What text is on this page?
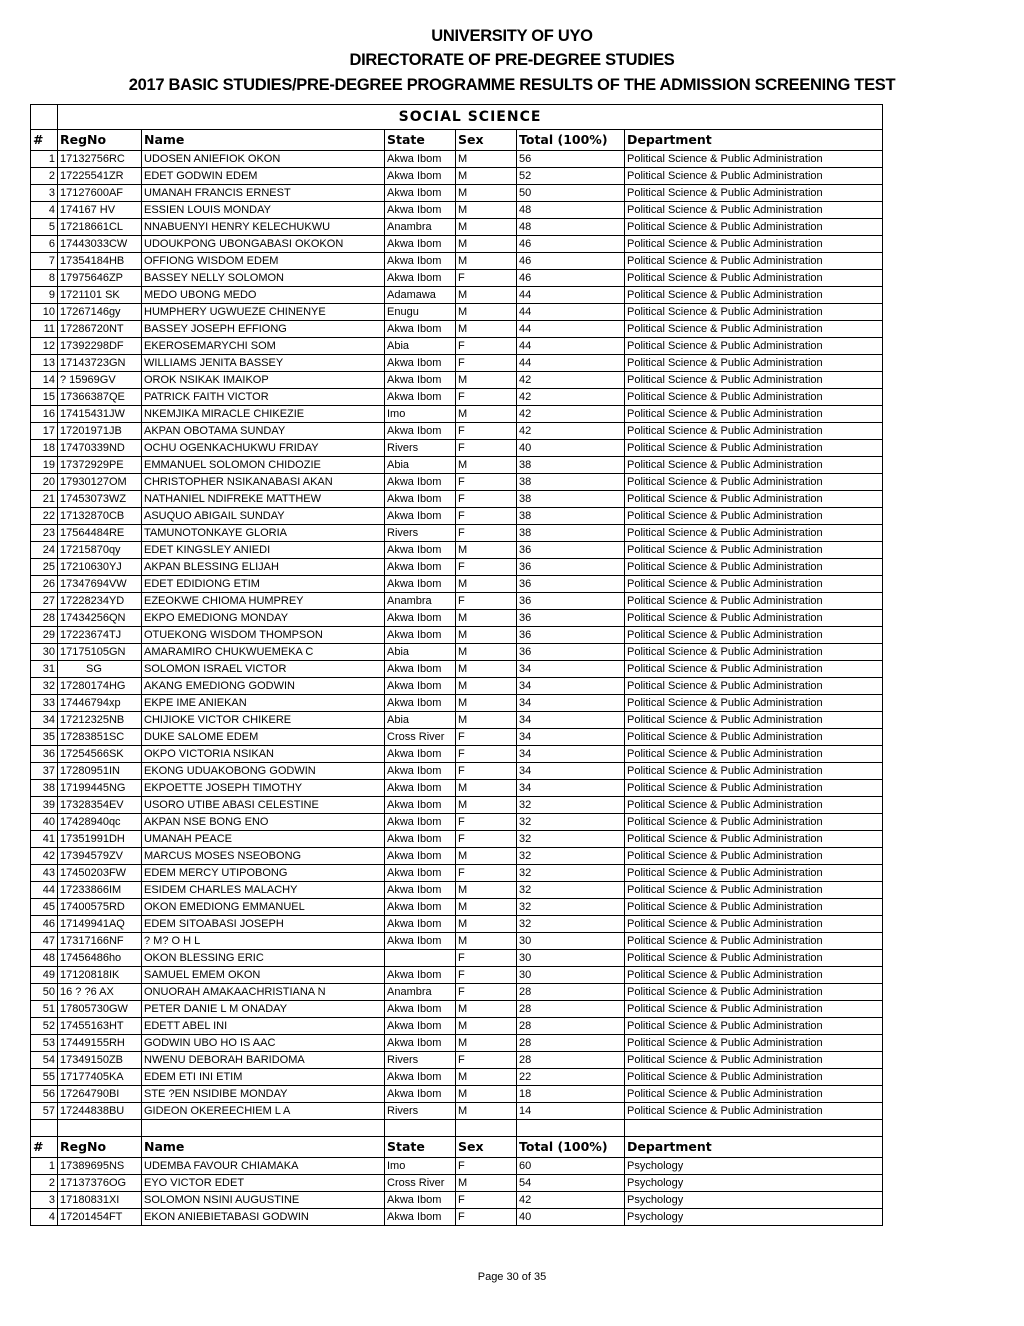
UNIVERSITY OF UYO
DIRECTORATE OF PRE-DEGREE STUDIES
2017 BASIC STUDIES/PRE-DEGREE PROGRAMME RESULTS OF THE ADMISSION SCREENING TEST
	SOCIAL SCIENCE					
#	RegNo	Name	State	Sex	Total (100%)	Department
1	17132756RC	UDOSEN ANIEFIOK OKON	Akwa Ibom	M	56	Political Science & Public Administration
2	17225541ZR	EDET GODWIN EDEM	Akwa Ibom	M	52	Political Science & Public Administration
3	17127600AF	UMANAH FRANCIS ERNEST	Akwa Ibom	M	50	Political Science & Public Administration
4	174167 HV	ESSIEN LOUIS MONDAY	Akwa Ibom	M	48	Political Science & Public Administration
5	17218661CL	NNABUENYI HENRY KELECHUKWU	Anambra	M	48	Political Science & Public Administration
6	17443033CW	UDOUKPONG UBONGABASI OKOKON	Akwa Ibom	M	46	Political Science & Public Administration
7	17354184HB	OFFIONG WISDOM EDEM	Akwa Ibom	M	46	Political Science & Public Administration
8	17975646ZP	BASSEY NELLY SOLOMON	Akwa Ibom	F	46	Political Science & Public Administration
9	1721101 SK	MEDO UBONG MEDO	Adamawa	M	44	Political Science & Public Administration
10	17267146gy	HUMPHERY UGWUEZE CHINENYE	Enugu	M	44	Political Science & Public Administration
11	17286720NT	BASSEY JOSEPH EFFIONG	Akwa Ibom	M	44	Political Science & Public Administration
12	17392298DF	EKEROSEMARYCHI SOM	Abia	F	44	Political Science & Public Administration
13	17143723GN	WILLIAMS JENITA BASSEY	Akwa Ibom	F	44	Political Science & Public Administration
14	? 15969GV	OROK NSIKAK IMAIKOP	Akwa Ibom	M	42	Political Science & Public Administration
15	17366387QE	PATRICK FAITH VICTOR	Akwa Ibom	F	42	Political Science & Public Administration
16	17415431JW	NKEMJIKA MIRACLE CHIKEZIE	Imo	M	42	Political Science & Public Administration
17	17201971JB	AKPAN OBOTAMA SUNDAY	Akwa Ibom	F	42	Political Science & Public Administration
18	17470339ND	OCHU OGENKACHUKWU FRIDAY	Rivers	F	40	Political Science & Public Administration
19	17372929PE	EMMANUEL SOLOMON CHIDOZIE	Abia	M	38	Political Science & Public Administration
20	17930127OM	CHRISTOPHER NSIKANABASI AKAN	Akwa Ibom	F	38	Political Science & Public Administration
21	17453073WZ	NATHANIEL NDIFREKE MATTHEW	Akwa Ibom	F	38	Political Science & Public Administration
22	17132870CB	ASUQUO ABIGAIL SUNDAY	Akwa Ibom	F	38	Political Science & Public Administration
23	17564484RE	TAMUNOTONKAYE GLORIA	Rivers	F	38	Political Science & Public Administration
24	17215870qy	EDET KINGSLEY ANIEDI	Akwa Ibom	M	36	Political Science & Public Administration
25	17210630YJ	AKPAN BLESSING ELIJAH	Akwa Ibom	F	36	Political Science & Public Administration
26	17347694VW	EDET EDIDIONG ETIM	Akwa Ibom	M	36	Political Science & Public Administration
27	17228234YD	EZEOKWE CHIOMA HUMPREY	Anambra	F	36	Political Science & Public Administration
28	17434256QN	EKPO EMEDIONG MONDAY	Akwa Ibom	M	36	Political Science & Public Administration
29	17223674TJ	OTUEKONG WISDOM THOMPSON	Akwa Ibom	M	36	Political Science & Public Administration
30	17175105GN	AMARAMIRO CHUKWUEMEKA C	Abia	M	36	Political Science & Public Administration
31	SG	SOLOMON ISRAEL VICTOR	Akwa Ibom	M	34	Political Science & Public Administration
32	17280174HG	AKANG EMEDIONG GODWIN	Akwa Ibom	M	34	Political Science & Public Administration
33	17446794xp	EKPE IME ANIEKAN	Akwa Ibom	M	34	Political Science & Public Administration
34	17212325NB	CHIJIOKE VICTOR CHIKERE	Abia	M	34	Political Science & Public Administration
35	17283851SC	DUKE SALOME EDEM	Cross River	F	34	Political Science & Public Administration
36	17254566SK	OKPO VICTORIA NSIKAN	Akwa Ibom	F	34	Political Science & Public Administration
37	17280951IN	EKONG UDUAKOBONG GODWIN	Akwa Ibom	F	34	Political Science & Public Administration
38	17199445NG	EKPOETTE JOSEPH TIMOTHY	Akwa Ibom	M	34	Political Science & Public Administration
39	17328354EV	USORO UTIBE ABASI CELESTINE	Akwa Ibom	M	32	Political Science & Public Administration
40	17428940qc	AKPAN NSE BONG ENO	Akwa Ibom	F	32	Political Science & Public Administration
41	17351991DH	UMANAH PEACE	Akwa Ibom	F	32	Political Science & Public Administration
42	17394579ZV	MARCUS MOSES NSEOBONG	Akwa Ibom	M	32	Political Science & Public Administration
43	17450203FW	EDEM MERCY UTIPOBONG	Akwa Ibom	F	32	Political Science & Public Administration
44	17233866IM	ESIDEM CHARLES MALACHY	Akwa Ibom	M	32	Political Science & Public Administration
45	17400575RD	OKON EMEDIONG EMMANUEL	Akwa Ibom	M	32	Political Science & Public Administration
46	17149941AQ	EDEM SITOABASI JOSEPH	Akwa Ibom	M	32	Political Science & Public Administration
47	17317166NF	? M? O H L	Akwa Ibom	M	30	Political Science & Public Administration
48	17456486ho	OKON BLESSING ERIC		F	30	Political Science & Public Administration
49	17120818IK	SAMUEL EMEM OKON	Akwa Ibom	F	30	Political Science & Public Administration
50	16 ? ?6 AX	ONUORAH AMAKAACHRISTIANA N	Anambra	F	28	Political Science & Public Administration
51	17805730GW	PETER DANIE L M ONADAY	Akwa Ibom	M	28	Political Science & Public Administration
52	17455163HT	EDETT ABEL INI	Akwa Ibom	M	28	Political Science & Public Administration
53	17449155RH	GODWIN UBO HO IS AAC	Akwa Ibom	M	28	Political Science & Public Administration
54	17349150ZB	NWENU DEBORAH BARIDOMA	Rivers	F	28	Political Science & Public Administration
55	17177405KA	EDEM ETI INI ETIM	Akwa Ibom	M	22	Political Science & Public Administration
56	17264790BI	STE ?EN NSIDIBE MONDAY	Akwa Ibom	M	18	Political Science & Public Administration
57	17244838BU	GIDEON OKEREECHIEM L A	Rivers	M	14	Political Science & Public Administration

#	RegNo	Name	State	Sex	Total (100%)	Department
1	17389695NS	UDEMBA FAVOUR CHIAMAKA	Imo	F	60	Psychology
2	17137376OG	EYO VICTOR EDET	Cross River	M	54	Psychology
3	17180831XI	SOLOMON NSINI AUGUSTINE	Akwa Ibom	F	42	Psychology
4	17201454FT	EKON ANIEBIETABASI GODWIN	Akwa Ibom	F	40	Psychology
Page 30 of 35
